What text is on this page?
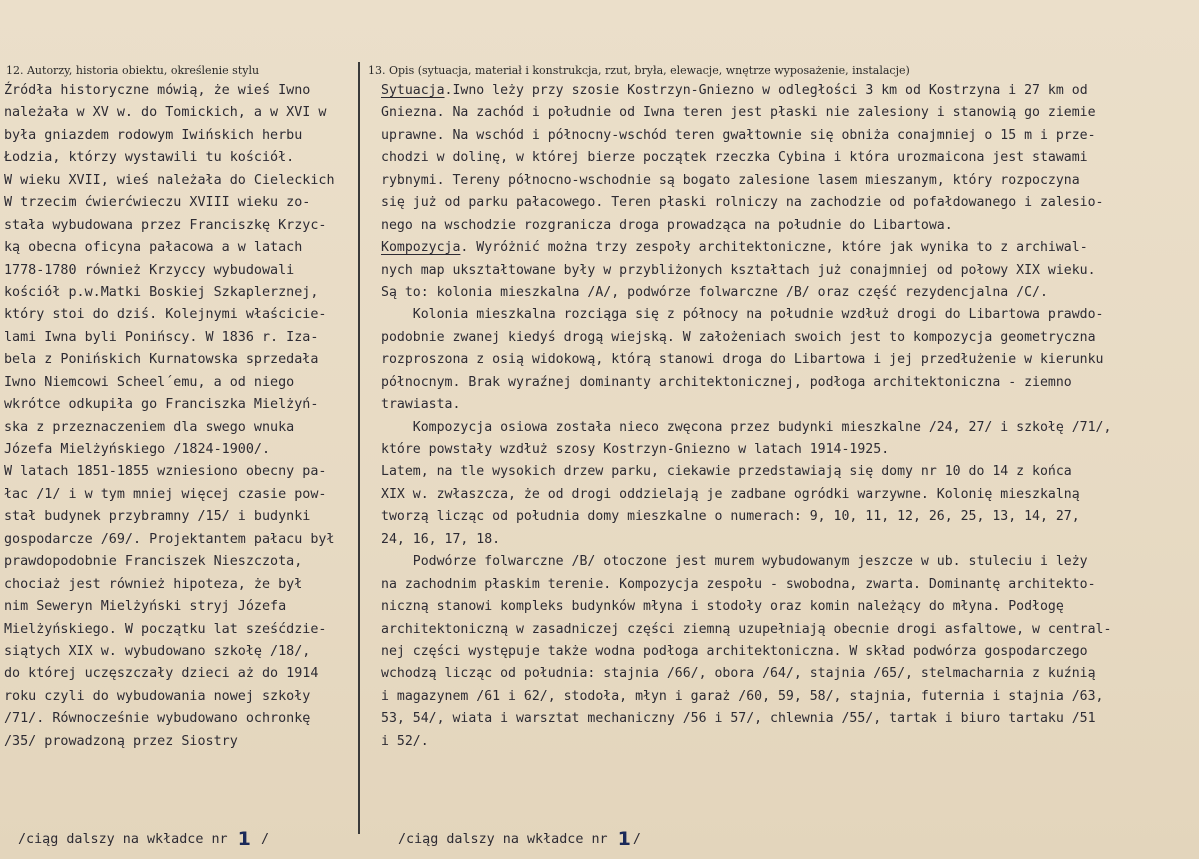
12. Autorzy, historia obiektu, określenie stylu	13. Opis (sytuacja, materiał i konstrukcja, rzut, bryła, elewacje, wnętrze wyposażenie, instalacje)
Źródła historyczne mówią, że wieś Iwno
należała w XV w. do Tomickich, a w XVI w
była gniazdem rodowym Iwińskich herbu
Łodzia, którzy wystawili tu kościół.
W wieku XVII, wieś należała do Cieleckich
W trzecim ćwierćwieczu XVIII wieku zo-
stała wybudowana przez Franciszkę Krzyc-
ką obecna oficyna pałacowa a w latach
1778-1780 również Krzyccy wybudowali
kościół p.w.Matki Boskiej Szkaplerznej,
który stoi do dziś. Kolejnymi właściciе-
lami Iwna byli Ponińscy. W 1836 r. Iza-
bela z Ponińskich Kurnatowska sprzedała
Iwno Niemcowi Scheel´emu, a od niego
wkrótce odkupiła go Franciszka Mielżyń-
ska z przeznaczeniem dla swego wnuka
Józefa Mielżyńskiego /1824-1900/.
W latach 1851-1855 wzniesiono obecny pa-
łac /1/ i w tym mniej więcej czasie pow-
stał budynek przybramny /15/ i budynki
gospodarcze /69/. Projektantem pałacu był
prawdopodobnie Franciszek Nieszczota,
chociaż jest również hipoteza, że był
nim Seweryn Mielżyński stryj Józefa
Mielżyńskiego. W początku lat sześćdzie-
siątych XIX w. wybudowano szkołę /18/,
do której uczęszczały dzieci aż do 1914
roku czyli do wybudowania nowej szkoły
/71/. Równocześnie wybudowano ochronkę
/35/ prowadzoną przez Siostry
Sytuacja.Iwno leży przy szosie Kostrzyn-Gniezno w odległości 3 km od Kostrzyna i 27 km od
Gniezna. Na zachód i południe od Iwna teren jest płaski nie zalesiony i stanowią go ziemie
uprawne. Na wschód i północny-wschód teren gwałtownie się obniża conajmniej o 15 m i prze-
chodzi w dolinę, w której bierze początek rzeczka Cybina i która urozmaicona jest stawami
rybnymi. Tereny północno-wschodnie są bogato zalesione lasem mieszanym, który rozpoczyna
się już od parku pałacowego. Teren płaski rolniczy na zachodzie od pofałdowanego i zalesio-
nego na wschodzie rozgranicza droga prowadząca na południe do Libartowa.
Kompozycja. Wyróżnić można trzy zespoły architektoniczne, które jak wynika to z archiwal-
nych map ukształtowane były w przybliżonych kształtach już conajmniej od połowy XIX wieku.
Są to: kolonia mieszkalna /A/, podwórze folwarczne /B/ oraz część rezydencjalna /C/.
Kolonia mieszkalna rozciąga się z północy na południe wzdłuż drogi do Libartowa prawdo-
podobnie zwanej kiedyś drogą wiejską. W założeniach swoich jest to kompozycja geometryczna
rozproszona z osią widokową, którą stanowi droga do Libartowa i jej przedłużenie w kierunku
północnym. Brak wyraźnej dominanty architektonicznej, podłoga architektoniczna - ziemno
trawiasta.
Kompozycja osiowa została nieco zwęcona przez budynki mieszkalne /24, 27/ i szkołę /71/,
które powstały wzdłuż szosy Kostrzyn-Gniezno w latach 1914-1925.
Latem, na tle wysokich drzew parku, ciekawie przedstawiają się domy nr 10 do 14 z końca
XIX w. zwłaszcza, że od drogi oddzielają je zadbane ogródki warzywne. Kolonię mieszkalną
tworzą licząc od południa domy mieszkalne o numerach: 9, 10, 11, 12, 26, 25, 13, 14, 27,
24, 16, 17, 18.
Podwórze folwarczne /B/ otoczone jest murem wybudowanym jeszcze w ub. stuleciu i leży
na zachodnim płaskim terenie. Kompozycja zespołu - swobodna, zwarta. Dominantę architekto-
niczną stanowi kompleks budynków młyna i stodoły oraz komin należący do młyna. Podłogę
architektoniczną w zasadniczej części ziemną uzupełniają obecnie drogi asfaltowe, w central-
nej części występuje także wodna podłoga architektoniczna. W skład podwórza gospodarczego
wchodzą licząc od południa: stajnia /66/, obora /64/, stajnia /65/, stelmacharnia z kuźnią
i magazynem /61 i 62/, stodoła, młyn i garaż /60, 59, 58/, stajnia, futernia i stajnia /63,
53, 54/, wiata i warsztat mechaniczny /56 i 57/, chlewnia /55/, tartak i biuro tartaku /51
i 52/.
/ciąg dalszy na wkładce nr 1 /	/ciąg dalszy na wkładce nr 1 /
